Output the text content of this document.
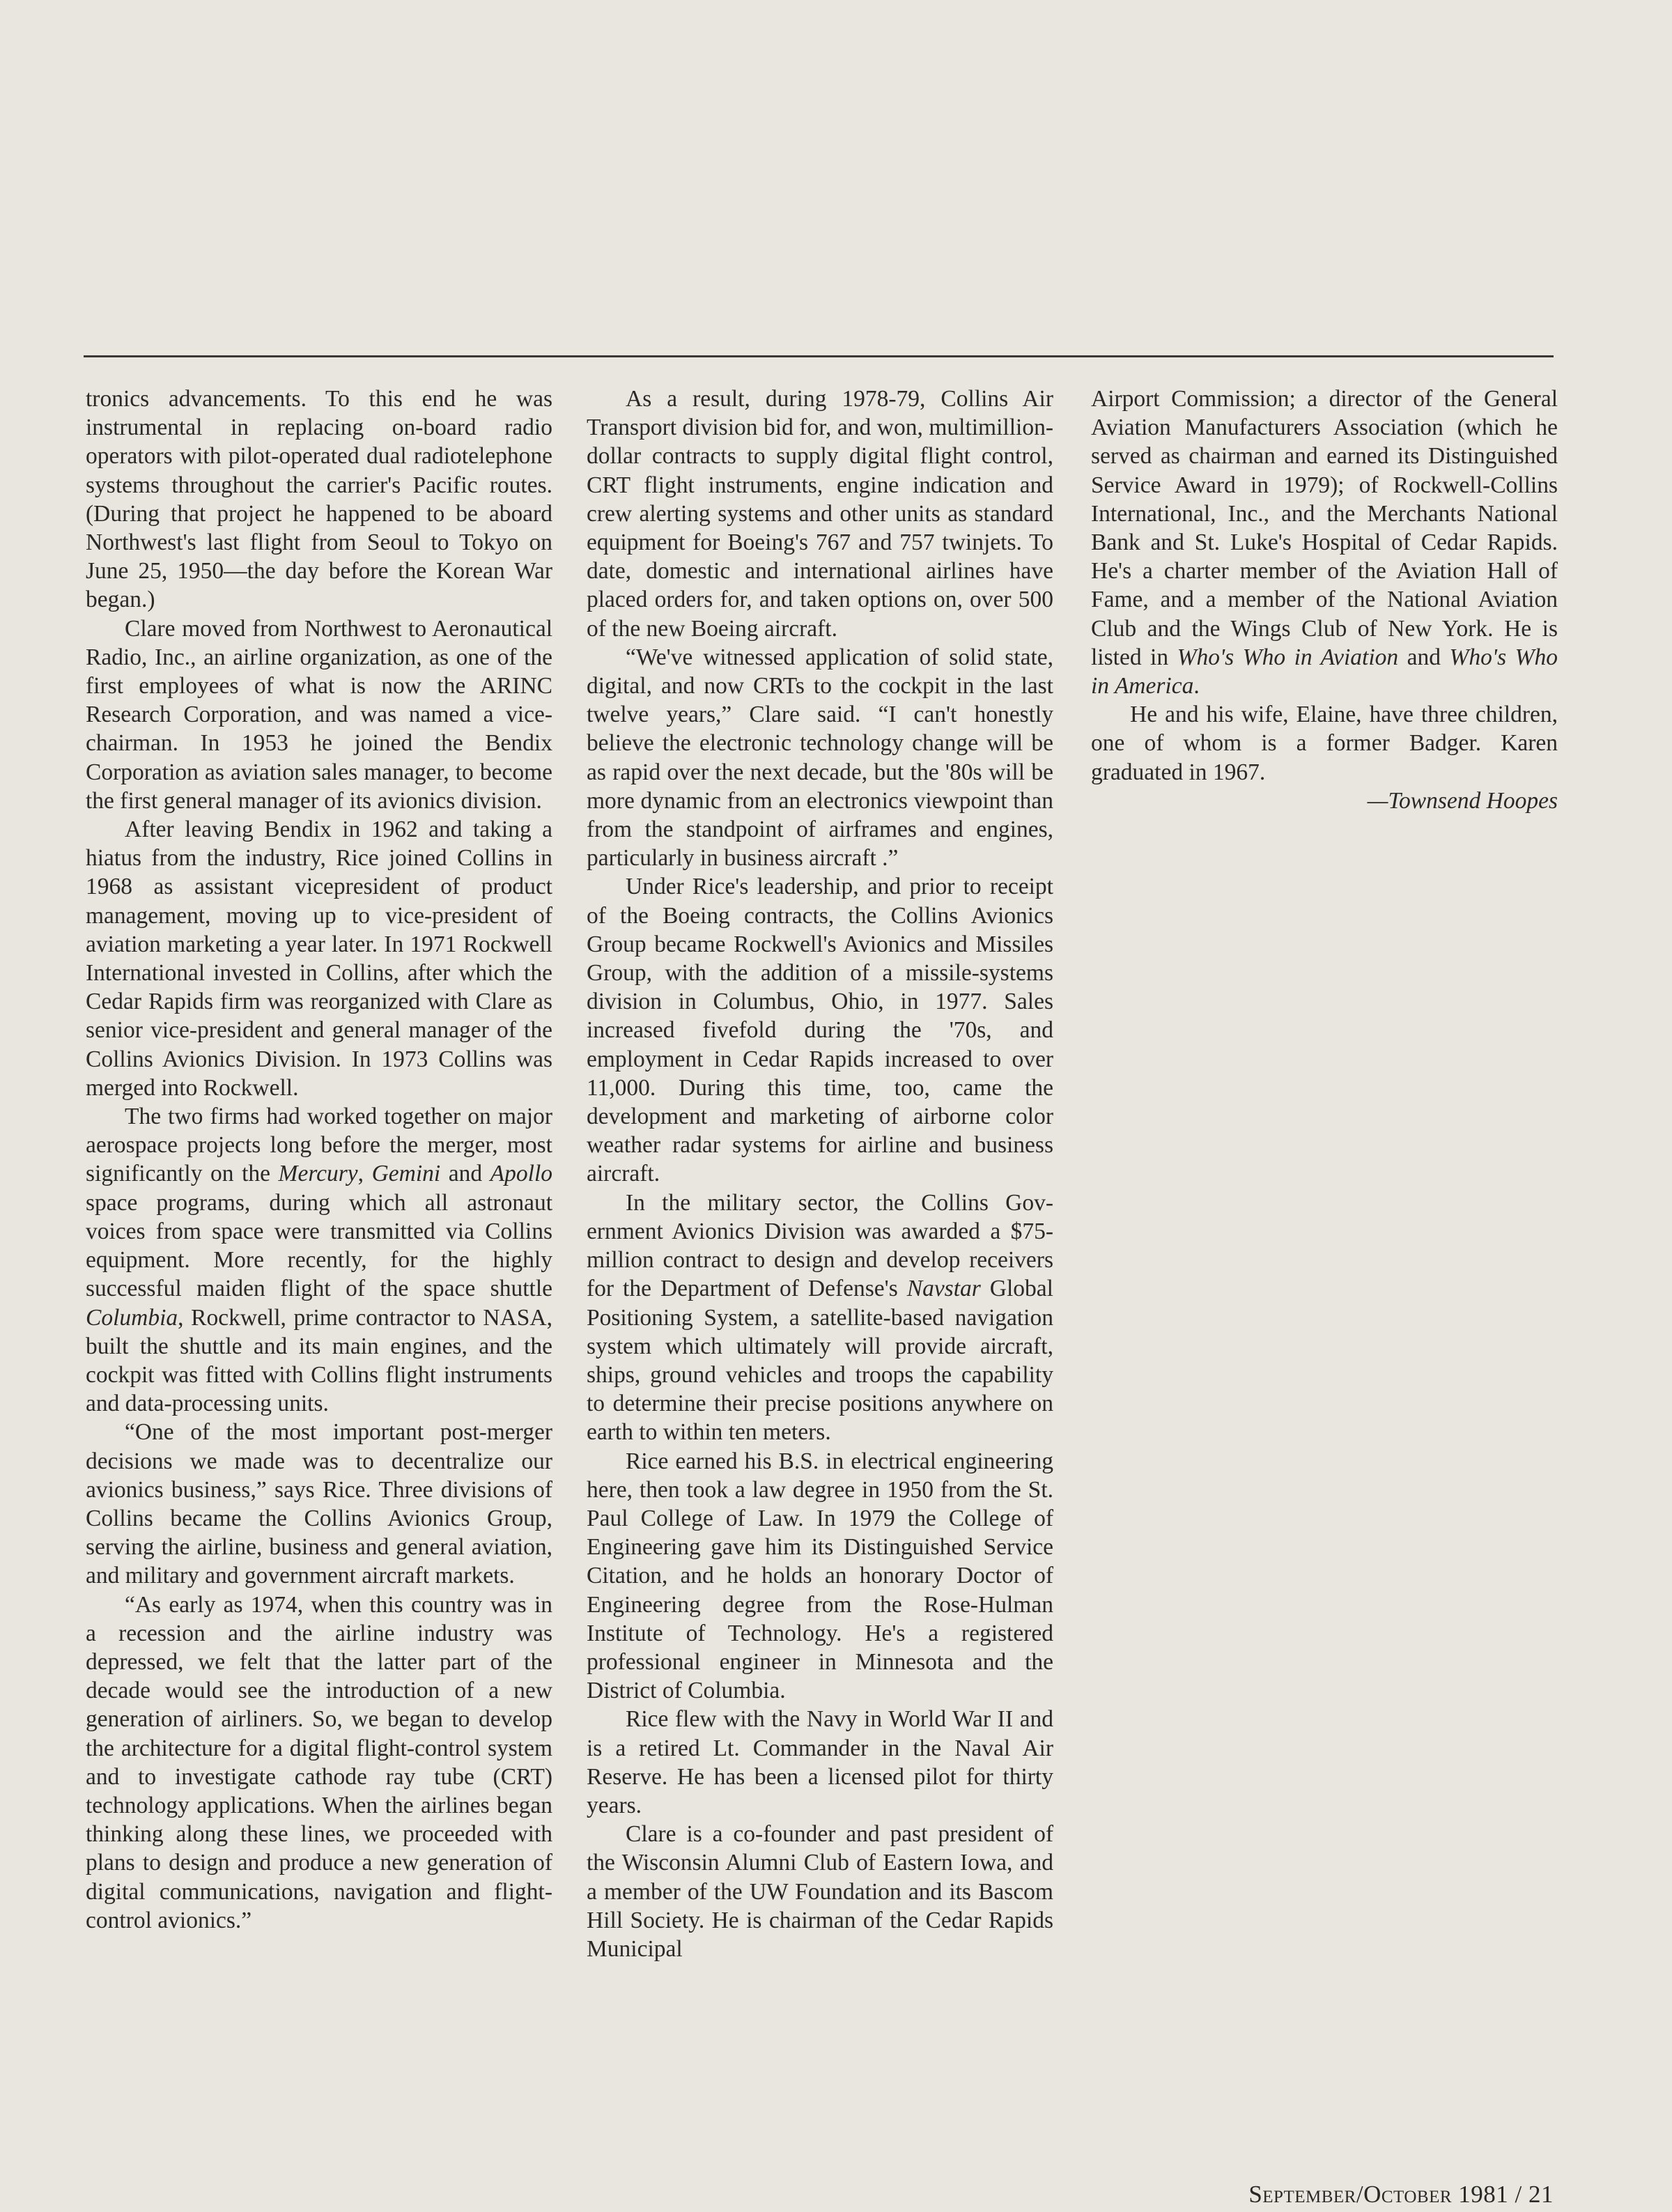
tronics advancements. To this end he was instrumental in replacing on-board radio operators with pilot-operated dual radiotelephone systems throughout the carrier's Pacific routes. (During that project he happened to be aboard Northwest's last flight from Seoul to Tokyo on June 25, 1950—the day before the Korean War began.)

Clare moved from Northwest to Aeronautical Radio, Inc., an airline organization, as one of the first employees of what is now the ARINC Research Corporation, and was named a vice-chairman. In 1953 he joined the Bendix Corporation as aviation sales manager, to become the first general manager of its avionics division.

After leaving Bendix in 1962 and taking a hiatus from the industry, Rice joined Collins in 1968 as assistant vicepresident of product management, moving up to vice-president of aviation marketing a year later. In 1971 Rockwell International invested in Collins, after which the Cedar Rapids firm was reorganized with Clare as senior vice-president and general manager of the Collins Avionics Division. In 1973 Collins was merged into Rockwell.

The two firms had worked together on major aerospace projects long before the merger, most significantly on the Mercury, Gemini and Apollo space programs, during which all astronaut voices from space were transmitted via Collins equipment. More recently, for the highly successful maiden flight of the space shuttle Columbia, Rockwell, prime contractor to NASA, built the shuttle and its main engines, and the cockpit was fitted with Collins flight instruments and data-processing units.

“One of the most important post-merger decisions we made was to decentralize our avionics business,” says Rice. Three divisions of Collins became the Collins Avionics Group, serving the airline, business and general aviation, and military and government aircraft markets.

“As early as 1974, when this country was in a recession and the airline industry was depressed, we felt that the latter part of the decade would see the introduction of a new generation of airliners. So, we began to develop the architecture for a digital flight-control system and to investigate cathode ray tube (CRT) technology applications. When the airlines began thinking along these lines, we proceeded with plans to design and produce a new generation of digital communications, navigation and flight-control avionics.”

As a result, during 1978-79, Collins Air Transport division bid for, and won, multimillion-dollar contracts to supply digital flight control, CRT flight instruments, engine indication and crew alerting systems and other units as standard equipment for Boeing's 767 and 757 twinjets. To date, domestic and international airlines have placed orders for, and taken options on, over 500 of the new Boeing aircraft.

“We've witnessed application of solid state, digital, and now CRTs to the cockpit in the last twelve years,” Clare said. “I can't honestly believe the electronic technology change will be as rapid over the next decade, but the '80s will be more dynamic from an electronics viewpoint than from the standpoint of airframes and engines, particularly in business aircraft .”

Under Rice's leadership, and prior to receipt of the Boeing contracts, the Collins Avionics Group became Rockwell's Avionics and Missiles Group, with the addition of a missile-systems division in Columbus, Ohio, in 1977. Sales increased fivefold during the '70s, and employment in Cedar Rapids increased to over 11,000. During this time, too, came the development and marketing of airborne color weather radar systems for airline and business aircraft.

In the military sector, the Collins Government Avionics Division was awarded a $75-million contract to design and develop receivers for the Department of Defense's Navstar Global Positioning System, a satellite-based navigation system which ultimately will provide aircraft, ships, ground vehicles and troops the capability to determine their precise positions anywhere on earth to within ten meters.

Rice earned his B.S. in electrical engineering here, then took a law degree in 1950 from the St. Paul College of Law. In 1979 the College of Engineering gave him its Distinguished Service Citation, and he holds an honorary Doctor of Engineering degree from the Rose-Hulman Institute of Technology. He's a registered professional engineer in Minnesota and the District of Columbia.

Rice flew with the Navy in World War II and is a retired Lt. Commander in the Naval Air Reserve. He has been a licensed pilot for thirty years.

Clare is a co-founder and past president of the Wisconsin Alumni Club of Eastern Iowa, and a member of the UW Foundation and its Bascom Hill Society. He is chairman of the Cedar Rapids Municipal

Airport Commission; a director of the General Aviation Manufacturers Association (which he served as chairman and earned its Distinguished Service Award in 1979); of Rockwell-Collins International, Inc., and the Merchants National Bank and St. Luke's Hospital of Cedar Rapids. He's a charter member of the Aviation Hall of Fame, and a member of the National Aviation Club and the Wings Club of New York. He is listed in Who's Who in Aviation and Who's Who in America.

He and his wife, Elaine, have three children, one of whom is a former Badger. Karen graduated in 1967.

—Townsend Hoopes

September/October 1981 / 21
